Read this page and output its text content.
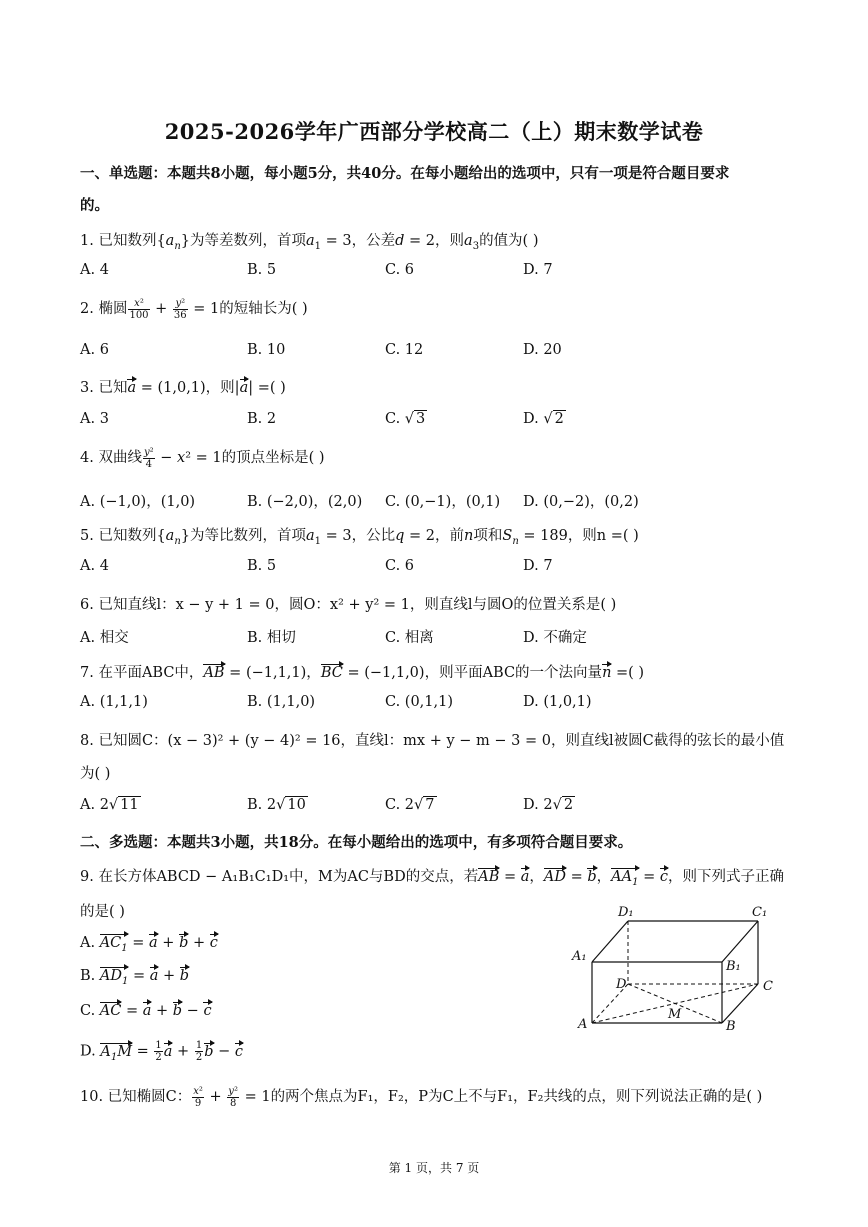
2025-2026学年广西部分学校高二（上）期末数学试卷
一、单选题：本题共8小题，每小题5分，共40分。在每小题给出的选项中，只有一项是符合题目要求
的。
1. 已知数列$\{a_n\}$为等差数列，首项$a_1 = 3$，公差d = 2，则$a_3$的值为( )
A. 4	B. 5	C. 6	D. 7
2. 椭圆 $\frac{\text{x²}}{100} + \frac{\text{y²}}{36} = 1$的短轴长为( )
A. 6	B. 10	C. 12	D. 20
3. 已知a = (1,0,1)，则|a| =( )
A. 3	B. 2	C. √ 3	D. √ 2
4. 双曲线 $\frac{\text{y²}}{4} - x^2 = 1$的顶点坐标是( )
A. (−1,0)，(1,0)	B. (−2,0)，(2,0) C. (0,−1)，(0,1) D. (0,−2)，(0,2)
5. 已知数列$\{a_n\}$为等比数列，首项$a_1 = 3$，公比q = 2，前n项和$S_n = 189$，则n =( )
A. 4	B. 5	C. 6	D. 7
6. 已知直线l：x − y + 1 = 0，圆O：x² + y² = 1，则直线l与圆O的位置关系是( )
A. 相交	B. 相切	C. 相离	D. 不确定
7. 在平面ABC中，AB = (−1,1,1)，BC = (−1,1,0)，则平面ABC的一个法向量n =( )
A. (1,1,1)	B. (1,1,0)	C. (0,1,1)	D. (1,0,1)
8. 已知圆C：(x − 3)² + (y − 4)² = 16，直线l：mx + y − m − 3 = 0，则直线l被圆C截得的弦长的最小值
为( )
A. 2√ 11	B. 2√ 10	C. 2√ 7	D. 2√ 2
二、多选题：本题共3小题，共18分。在每小题给出的选项中，有多项符合题目要求。
9. 在长方体ABCD − A₁B₁C₁D₁中，M为AC与BD的交点，若AB = a，AD = b，$AA_1 = c$，则下列式子正确
的是( )
A. $AC_1 = a + b + c$
B. $AD_1 = a + b$
C. AC = a + b − c
D. $A_1M = \frac{1}{2}$ $a + \frac{1}{2}$ b − c
D₁	C₁
A₁
B₁
D	C
A
M
B
10. 已知椭圆C： $\frac{\text{x²}}{9} + \frac{\text{y²}}{8} = 1$的两个焦点为F₁，F₂，P为C上不与F₁，F₂共线的点，则下列说法正确的是( )
第 1 页，共 7 页
